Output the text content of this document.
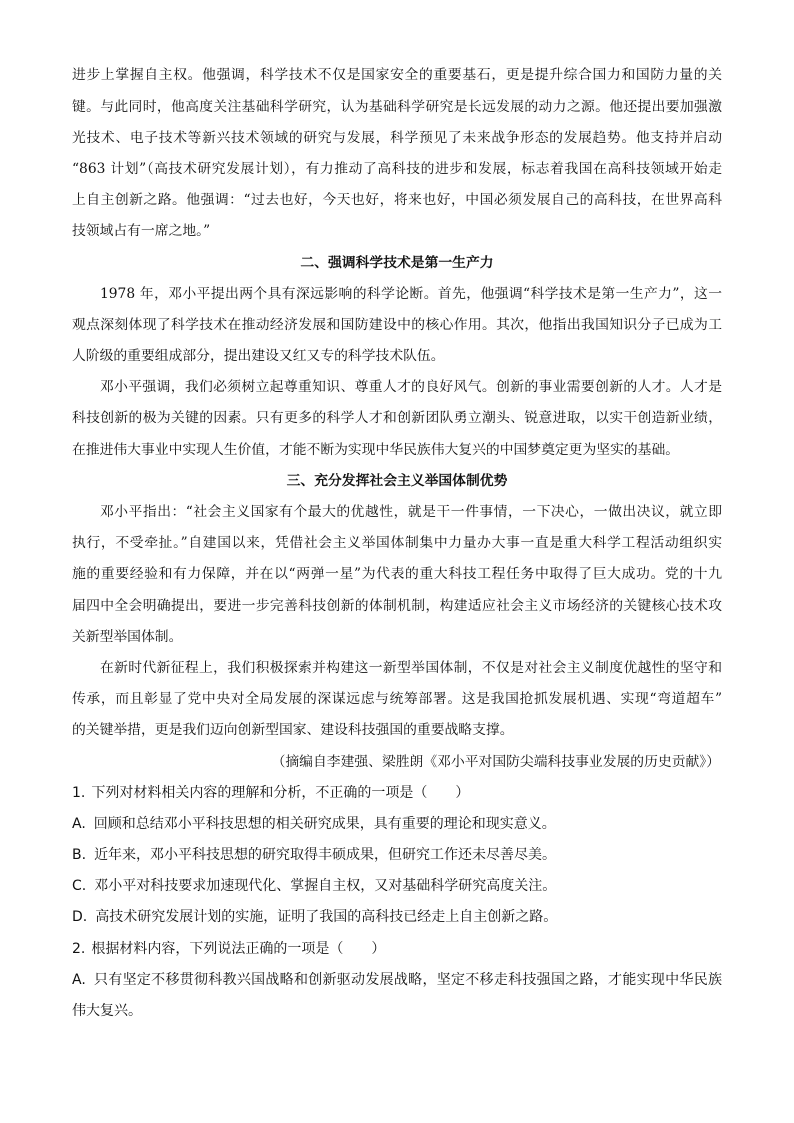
进步上掌握自主权。他强调，科学技术不仅是国家安全的重要基石，更是提升综合国力和国防力量的关
键。与此同时，他高度关注基础科学研究，认为基础科学研究是长远发展的动力之源。他还提出要加强激
光技术、电子技术等新兴技术领域的研究与发展，科学预见了未来战争形态的发展趋势。他支持并启动
“863 计划”（高技术研究发展计划），有力推动了高科技的进步和发展，标志着我国在高科技领域开始走
上自主创新之路。他强调：“过去也好，今天也好，将来也好，中国必须发展自己的高科技，在世界高科
技领域占有一席之地。”
二、强调科学技术是第一生产力
1978 年，邓小平提出两个具有深远影响的科学论断。首先，他强调“科学技术是第一生产力”，这一
观点深刻体现了科学技术在推动经济发展和国防建设中的核心作用。其次，他指出我国知识分子已成为工
人阶级的重要组成部分，提出建设又红又专的科学技术队伍。
邓小平强调，我们必须树立起尊重知识、尊重人才的良好风气。创新的事业需要创新的人才。人才是
科技创新的极为关键的因素。只有更多的科学人才和创新团队勇立潮头、锐意进取，以实干创造新业绩，
在推进伟大事业中实现人生价值，才能不断为实现中华民族伟大复兴的中国梦奠定更为坚实的基础。
三、充分发挥社会主义举国体制优势
邓小平指出：“社会主义国家有个最大的优越性，就是干一件事情，一下决心，一做出决议，就立即
执行，不受牵扯。”自建国以来，凭借社会主义举国体制集中力量办大事一直是重大科学工程活动组织实
施的重要经验和有力保障，并在以“两弹一星”为代表的重大科技工程任务中取得了巨大成功。党的十九
届四中全会明确提出，要进一步完善科技创新的体制机制，构建适应社会主义市场经济的关键核心技术攻
关新型举国体制。
在新时代新征程上，我们积极探索并构建这一新型举国体制，不仅是对社会主义制度优越性的坚守和
传承，而且彰显了党中央对全局发展的深谋远虑与统筹部署。这是我国抢抓发展机遇、实现“弯道超车”
的关键举措，更是我们迈向创新型国家、建设科技强国的重要战略支撑。
（摘编自李建强、梁胜朗《邓小平对国防尖端科技事业发展的历史贡献》）
1. 下列对材料相关内容的理解和分析，不正确的一项是（　　）
A. 回顾和总结邓小平科技思想的相关研究成果，具有重要的理论和现实意义。
B. 近年来，邓小平科技思想的研究取得丰硕成果，但研究工作还未尽善尽美。
C. 邓小平对科技要求加速现代化、掌握自主权，又对基础科学研究高度关注。
D. 高技术研究发展计划的实施，证明了我国的高科技已经走上自主创新之路。
2. 根据材料内容，下列说法正确的一项是（　　）
A. 只有坚定不移贯彻科教兴国战略和创新驱动发展战略，坚定不移走科技强国之路，才能实现中华民族
伟大复兴。
